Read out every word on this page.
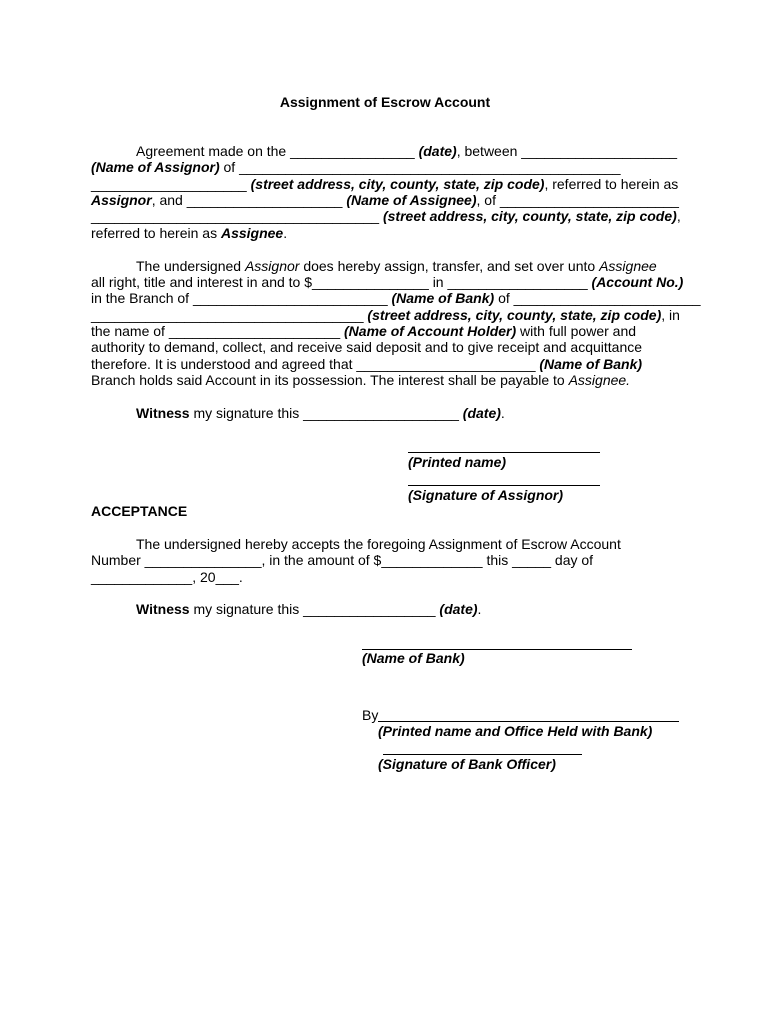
Assignment of Escrow Account
Agreement made on the ________________ (date), between ____________________
(Name of Assignor) of _________________________________________________
____________________ (street address, city, county, state, zip code), referred to herein as
Assignor, and ____________________ (Name of Assignee), of _______________________
_____________________________________ (street address, city, county, state, zip code),
referred to herein as Assignee.
The undersigned Assignor does hereby assign, transfer, and set over unto Assignee
all right, title and interest in and to $_______________ in __________________ (Account No.)
in the Branch of _________________________ (Name of Bank) of ________________________
___________________________________ (street address, city, county, state, zip code), in
the name of ______________________ (Name of Account Holder) with full power and
authority to demand, collect, and receive said deposit and to give receipt and acquittance
therefore. It is understood and agreed that _______________________ (Name of Bank)
Branch holds said Account in its possession. The interest shall be payable to Assignee.
Witness my signature this ____________________ (date).
(Printed name)
(Signature of Assignor)
ACCEPTANCE
The undersigned hereby accepts the foregoing Assignment of Escrow Account
Number _______________, in the amount of $_____________ this _____ day of
_____________, 20___.
Witness my signature this _________________ (date).
(Name of Bank)
By
(Printed name and Office Held with Bank)
(Signature of Bank Officer)
